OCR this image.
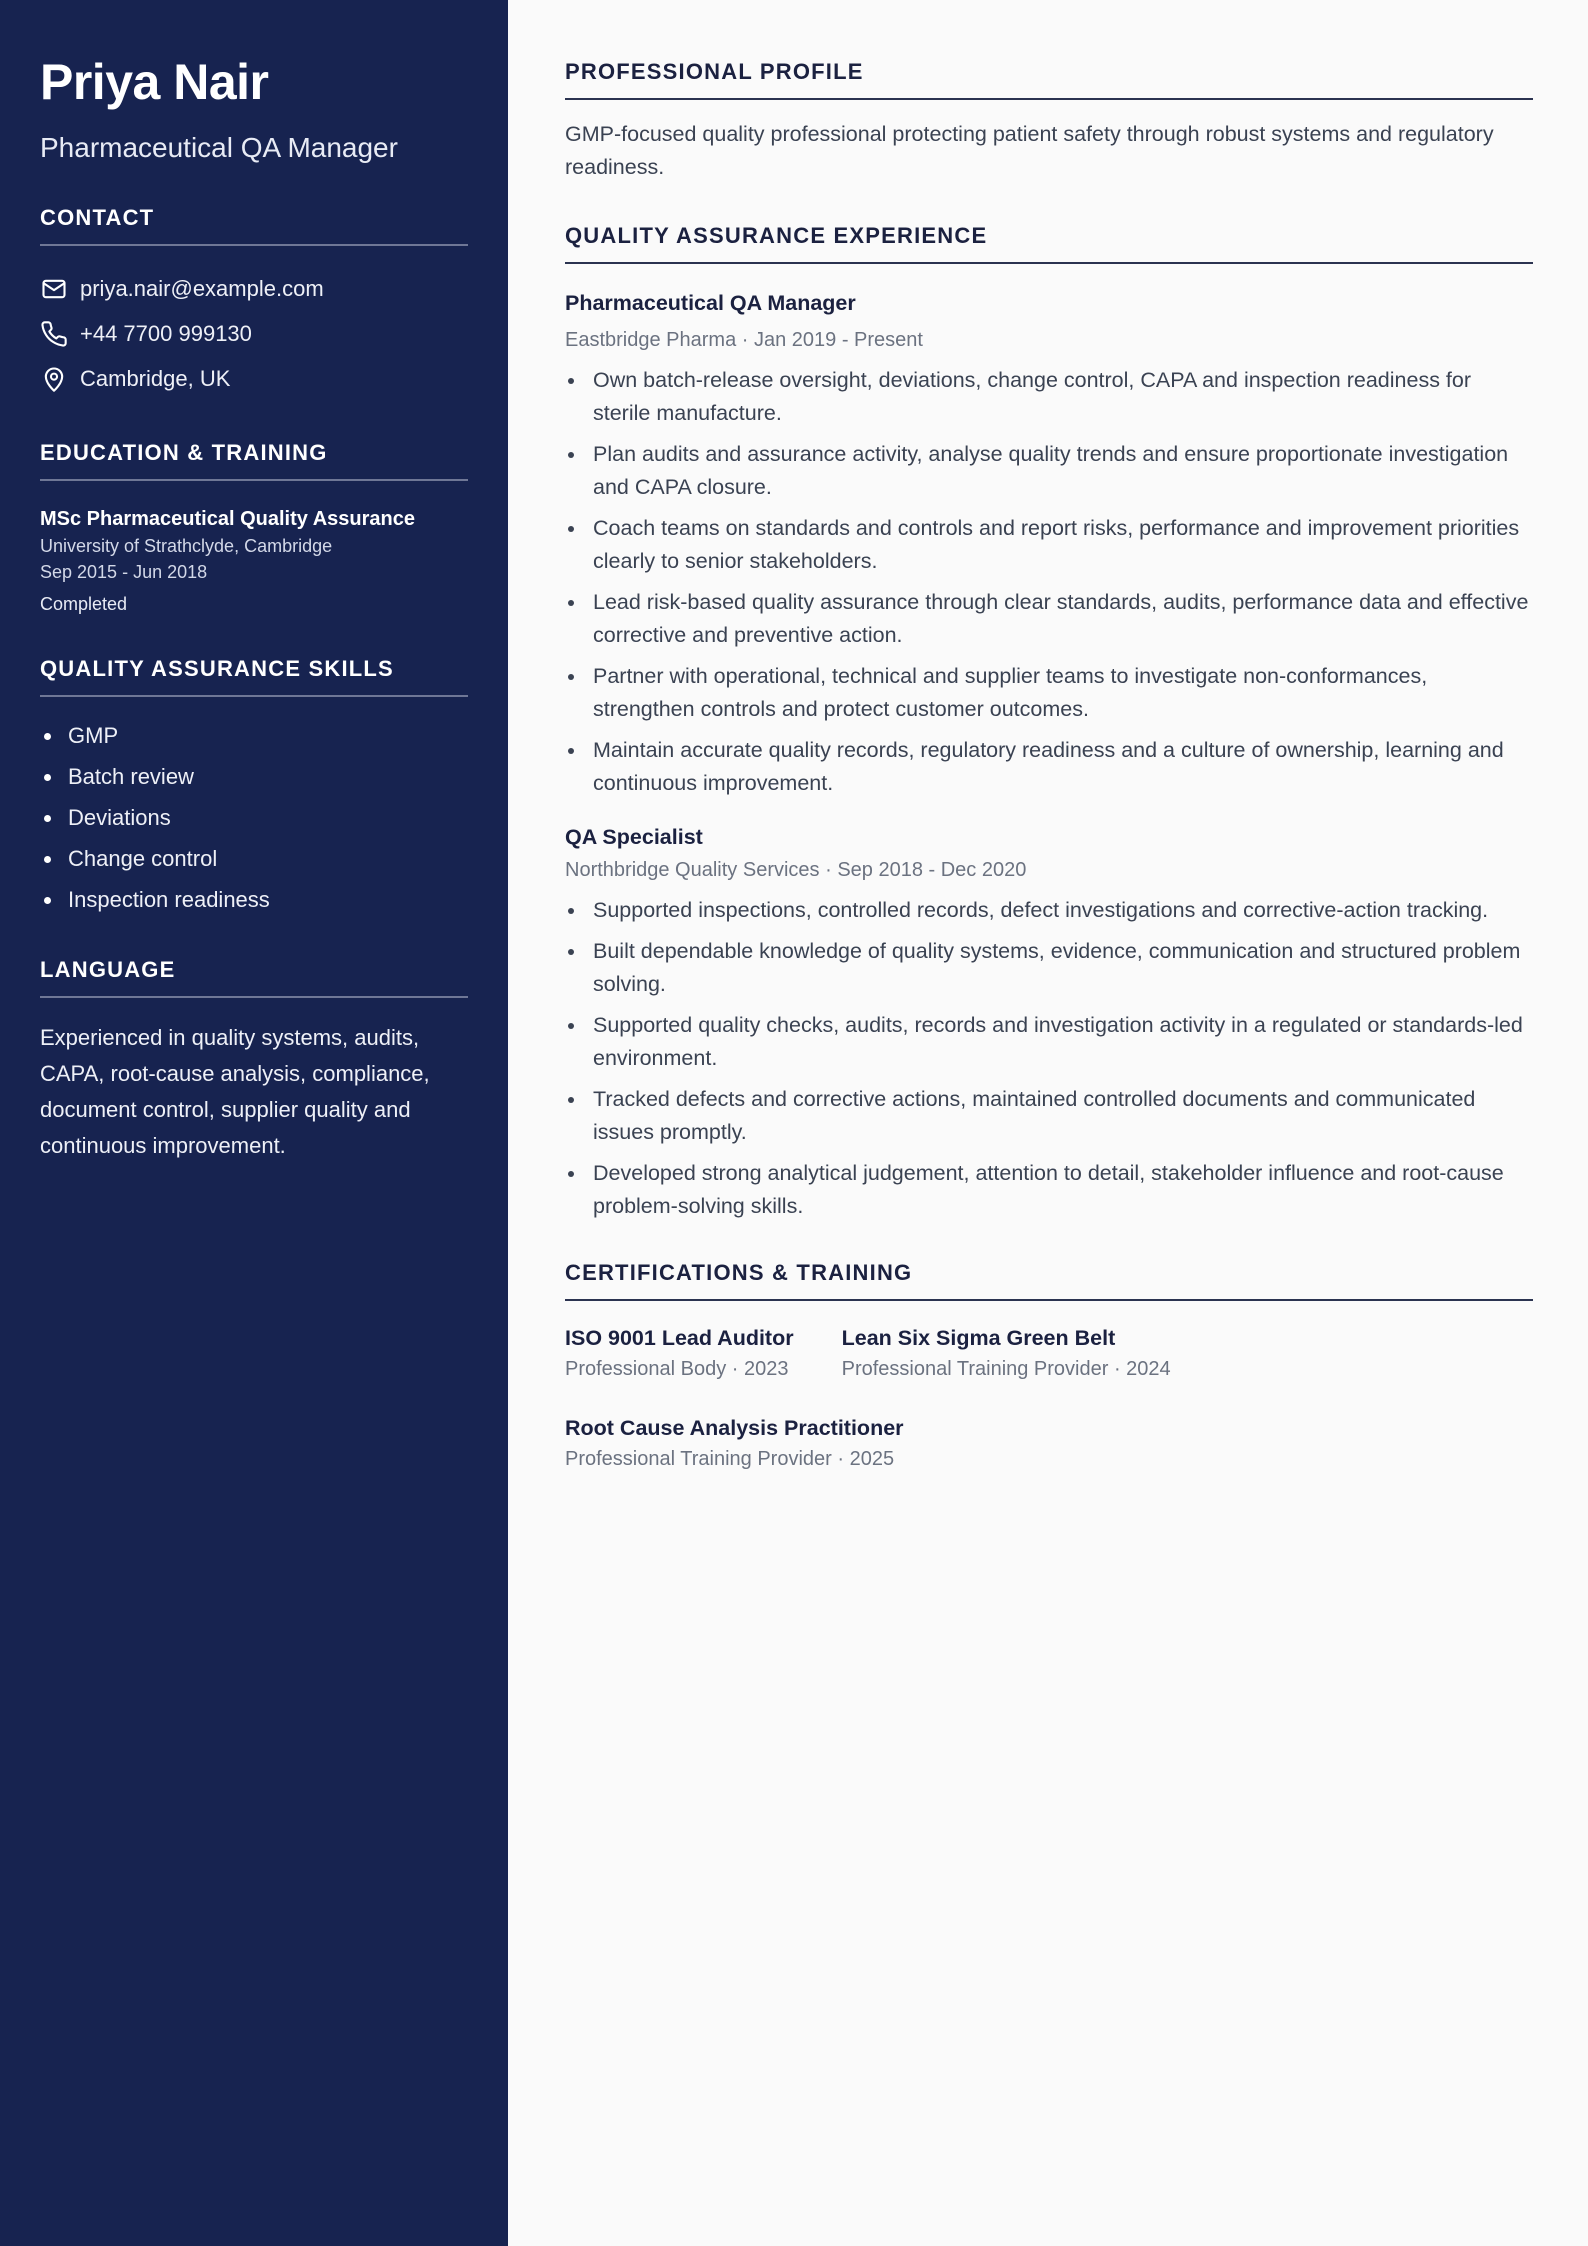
Priya Nair

Pharmaceutical QA Manager

CONTACT
priya.nair@example.com
+44 7700 999130
Cambridge, UK
EDUCATION & TRAINING

MSc Pharmaceutical Quality Assurance

University of Strathclyde, Cambridge

Sep 2015 - Jun 2018

Completed

QUALITY ASSURANCE SKILLS
GMP
Batch review
Deviations
Change control
Inspection readiness
LANGUAGE

Experienced in quality systems, audits, CAPA, root-cause analysis, compliance, document control, supplier quality and continuous improvement.

PROFESSIONAL PROFILE

GMP-focused quality professional protecting patient safety through robust systems and regulatory readiness.

QUALITY ASSURANCE EXPERIENCE

Pharmaceutical QA Manager

Eastbridge Pharma · Jan 2019 - Present

Own batch-release oversight, deviations, change control, CAPA and inspection readiness for sterile manufacture.
Plan audits and assurance activity, analyse quality trends and ensure proportionate investigation and CAPA closure.
Coach teams on standards and controls and report risks, performance and improvement priorities clearly to senior stakeholders.
Lead risk-based quality assurance through clear standards, audits, performance data and effective corrective and preventive action.
Partner with operational, technical and supplier teams to investigate non-conformances, strengthen controls and protect customer outcomes.
Maintain accurate quality records, regulatory readiness and a culture of ownership, learning and continuous improvement.

QA Specialist

Northbridge Quality Services · Sep 2018 - Dec 2020

Supported inspections, controlled records, defect investigations and corrective-action tracking.
Built dependable knowledge of quality systems, evidence, communication and structured problem solving.
Supported quality checks, audits, records and investigation activity in a regulated or standards-led environment.
Tracked defects and corrective actions, maintained controlled documents and communicated issues promptly.
Developed strong analytical judgement, attention to detail, stakeholder influence and root-cause problem-solving skills.
CERTIFICATIONS & TRAINING

ISO 9001 Lead Auditor

Professional Body · 2023

Lean Six Sigma Green Belt

Professional Training Provider · 2024

Root Cause Analysis Practitioner

Professional Training Provider · 2025
